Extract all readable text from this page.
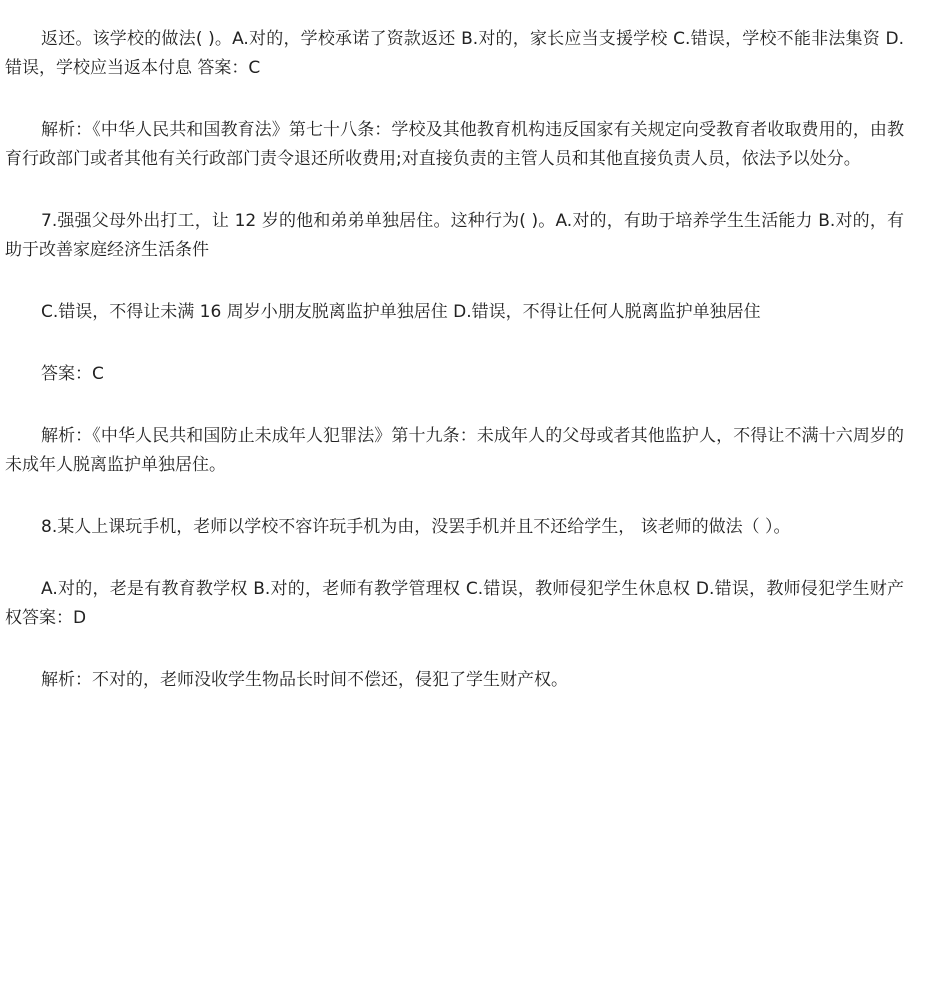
返还。该学校的做法( )。A.对的，学校承诺了资款返还 B.对的，家长应当支援学校 C.错误，学校不能非法集资 D.错误，学校应当返本付息 答案：C

解析：《中华人民共和国教育法》第七十八条：学校及其他教育机构违反国家有关规定向受教育者收取费用的，由教育行政部门或者其他有关行政部门责令退还所收费用;对直接负责的主管人员和其他直接负责人员，依法予以处分。

7.强强父母外出打工，让 12 岁的他和弟弟单独居住。这种行为( )。A.对的，有助于培养学生生活能力 B.对的，有助于改善家庭经济生活条件

C.错误，不得让未满 16 周岁小朋友脱离监护单独居住 D.错误，不得让任何人脱离监护单独居住

答案：C

解析：《中华人民共和国防止未成年人犯罪法》第十九条：未成年人的父母或者其他监护人，不得让不满十六周岁的未成年人脱离监护单独居住。

8.某人上课玩手机，老师以学校不容许玩手机为由，没罢手机并且不还给学生， 该老师的做法（ ）。

A.对的，老是有教育教学权 B.对的，老师有教学管理权 C.错误，教师侵犯学生休息权 D.错误，教师侵犯学生财产权答案：D

解析：不对的，老师没收学生物品长时间不偿还，侵犯了学生财产权。
